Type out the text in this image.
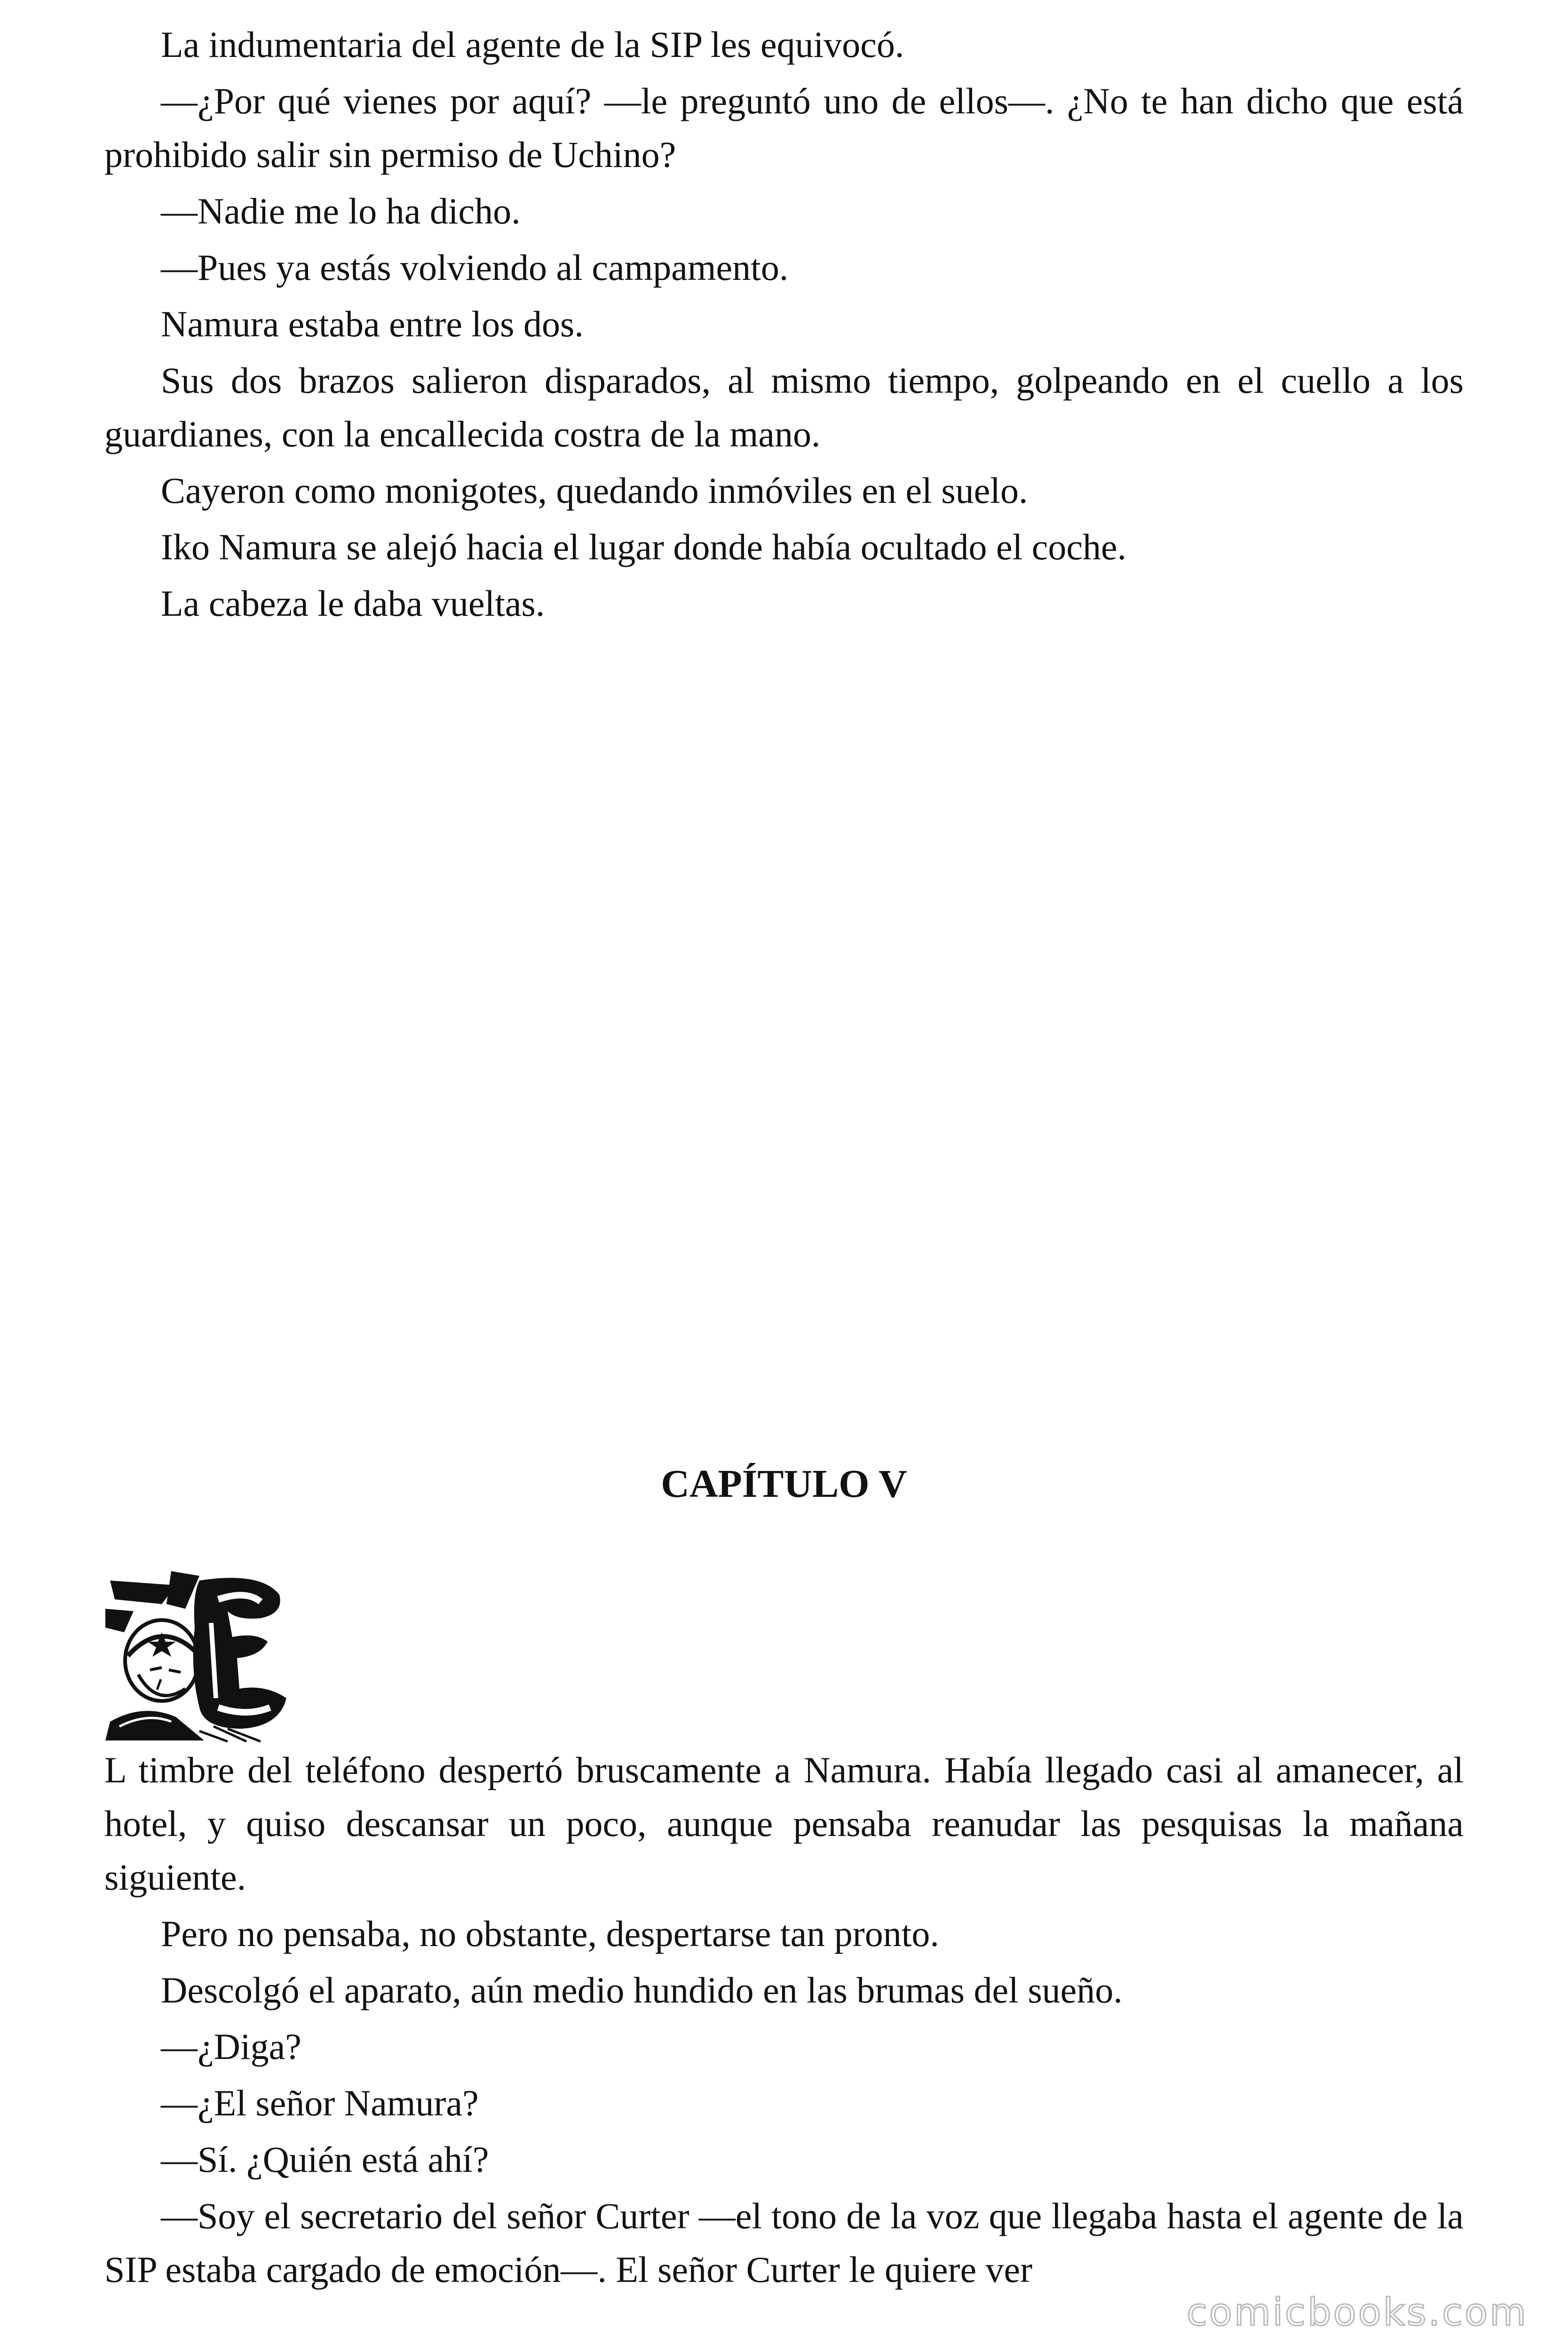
La indumentaria del agente de la SIP les equivocó.

—¿Por qué vienes por aquí? —le preguntó uno de ellos—. ¿No te han dicho que está prohibido salir sin permiso de Uchino?

—Nadie me lo ha dicho.

—Pues ya estás volviendo al campamento.

Namura estaba entre los dos.

Sus dos brazos salieron disparados, al mismo tiempo, golpeando en el cuello a los guardianes, con la encallecida costra de la mano.

Cayeron como monigotes, quedando inmóviles en el suelo.

Iko Namura se alejó hacia el lugar donde había ocultado el coche.

La cabeza le daba vueltas.

CAPÍTULO V

L timbre del teléfono despertó bruscamente a Namura. Había llegado casi al amanecer, al hotel, y quiso descansar un poco, aunque pensaba reanudar las pesquisas la mañana siguiente.

Pero no pensaba, no obstante, despertarse tan pronto.

Descolgó el aparato, aún medio hundido en las brumas del sueño.

—¿Diga?

—¿El señor Namura?

—Sí. ¿Quién está ahí?

—Soy el secretario del señor Curter —el tono de la voz que llegaba hasta el agente de la SIP estaba cargado de emoción—. El señor Curter le quiere ver

comicbooks.com
